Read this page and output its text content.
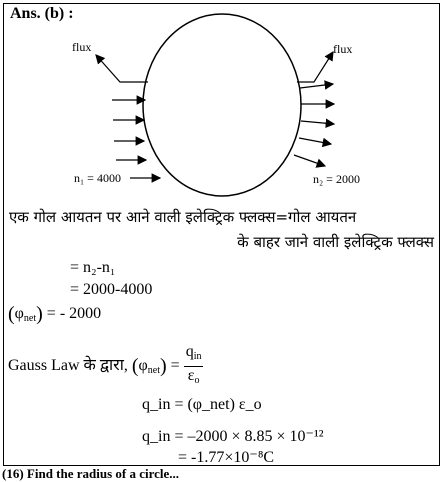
Ans. (b) :
flux	flux
n₁ = 4000	n₂ = 2000
एक गोल आयतन पर आने वाली इलेक्ट्रिक फ्लक्स=गोल आयतन
के बाहर जाने वाली इलेक्ट्रिक फ्लक्स
= n₂-n₁
= 2000-4000
$(\varphi_{net})$ = - 2000
Gauss Law के द्वारा, $(\varphi_{net}) = \frac{q_{in}}{\varepsilon_o}$
q_in = (φ_net) ε_o
q_in = –2000 × 8.85 × 10⁻¹²
= -1.77×10⁻⁸C
(16) Find the radius of a circle...
